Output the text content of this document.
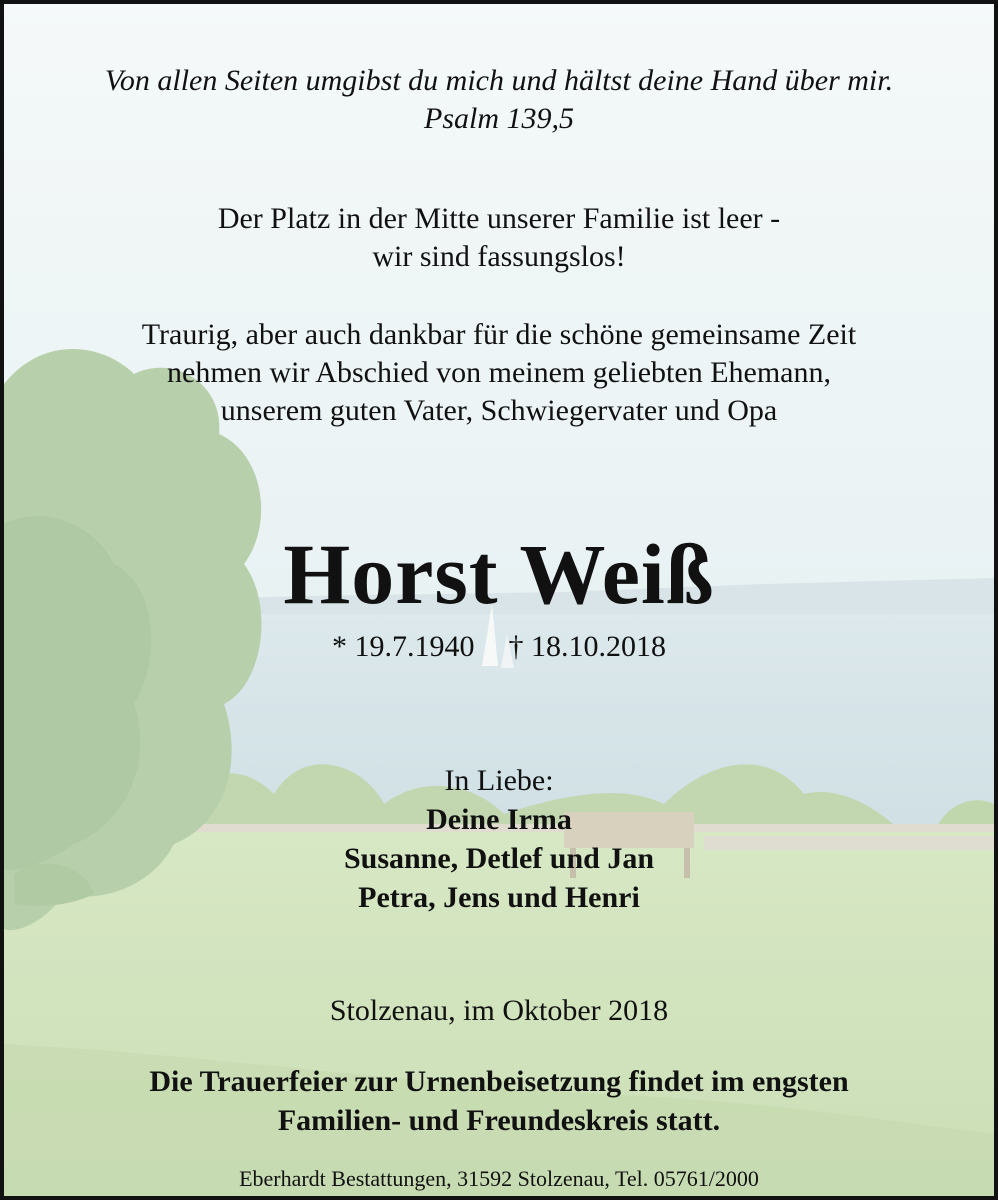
Von allen Seiten umgibst du mich und hältst deine Hand über mir.
Psalm 139,5
Der Platz in der Mitte unserer Familie ist leer -
wir sind fassungslos!
Traurig, aber auch dankbar für die schöne gemeinsame Zeit
nehmen wir Abschied von meinem geliebten Ehemann,
unserem guten Vater, Schwiegervater und Opa
Horst Weiß
* 19.7.1940 † 18.10.2018
In Liebe:
Deine Irma
Susanne, Detlef und Jan
Petra, Jens und Henri
Stolzenau, im Oktober 2018
Die Trauerfeier zur Urnenbeisetzung findet im engsten
Familien- und Freundeskreis statt.
Eberhardt Bestattungen, 31592 Stolzenau, Tel. 05761/2000
